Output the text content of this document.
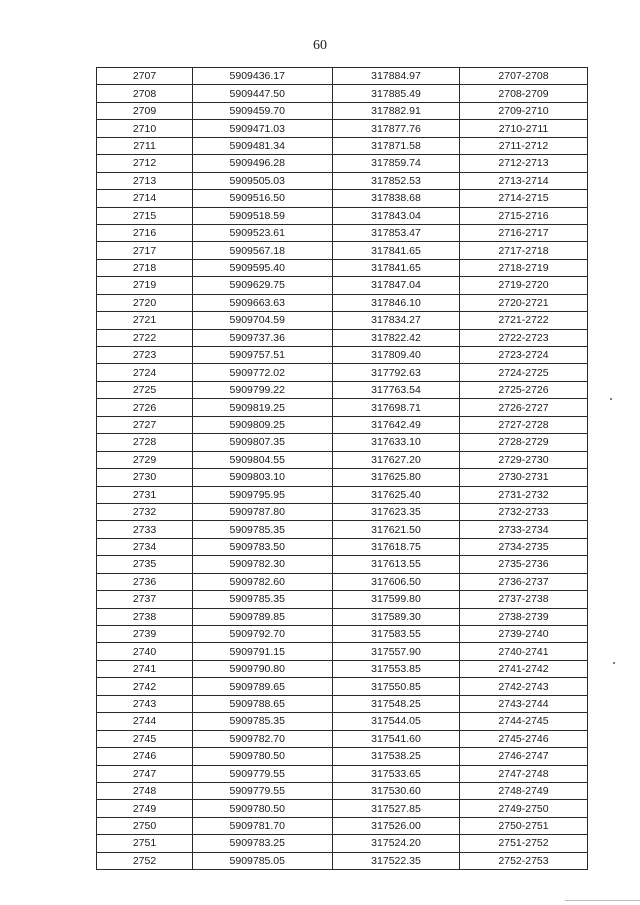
60
2707	5909436.17	317884.97	2707-2708
2708	5909447.50	317885.49	2708-2709
2709	5909459.70	317882.91	2709-2710
2710	5909471.03	317877.76	2710-2711
2711	5909481.34	317871.58	2711-2712
2712	5909496.28	317859.74	2712-2713
2713	5909505.03	317852.53	2713-2714
2714	5909516.50	317838.68	2714-2715
2715	5909518.59	317843.04	2715-2716
2716	5909523.61	317853.47	2716-2717
2717	5909567.18	317841.65	2717-2718
2718	5909595.40	317841.65	2718-2719
2719	5909629.75	317847.04	2719-2720
2720	5909663.63	317846.10	2720-2721
2721	5909704.59	317834.27	2721-2722
2722	5909737.36	317822.42	2722-2723
2723	5909757.51	317809.40	2723-2724
2724	5909772.02	317792.63	2724-2725
2725	5909799.22	317763.54	2725-2726
2726	5909819.25	317698.71	2726-2727
2727	5909809.25	317642.49	2727-2728
2728	5909807.35	317633.10	2728-2729
2729	5909804.55	317627.20	2729-2730
2730	5909803.10	317625.80	2730-2731
2731	5909795.95	317625.40	2731-2732
2732	5909787.80	317623.35	2732-2733
2733	5909785.35	317621.50	2733-2734
2734	5909783.50	317618.75	2734-2735
2735	5909782.30	317613.55	2735-2736
2736	5909782.60	317606.50	2736-2737
2737	5909785.35	317599.80	2737-2738
2738	5909789.85	317589.30	2738-2739
2739	5909792.70	317583.55	2739-2740
2740	5909791.15	317557.90	2740-2741
2741	5909790.80	317553.85	2741-2742
2742	5909789.65	317550.85	2742-2743
2743	5909788.65	317548.25	2743-2744
2744	5909785.35	317544.05	2744-2745
2745	5909782.70	317541.60	2745-2746
2746	5909780.50	317538.25	2746-2747
2747	5909779.55	317533.65	2747-2748
2748	5909779.55	317530.60	2748-2749
2749	5909780.50	317527.85	2749-2750
2750	5909781.70	317526.00	2750-2751
2751	5909783.25	317524.20	2751-2752
2752	5909785.05	317522.35	2752-2753
